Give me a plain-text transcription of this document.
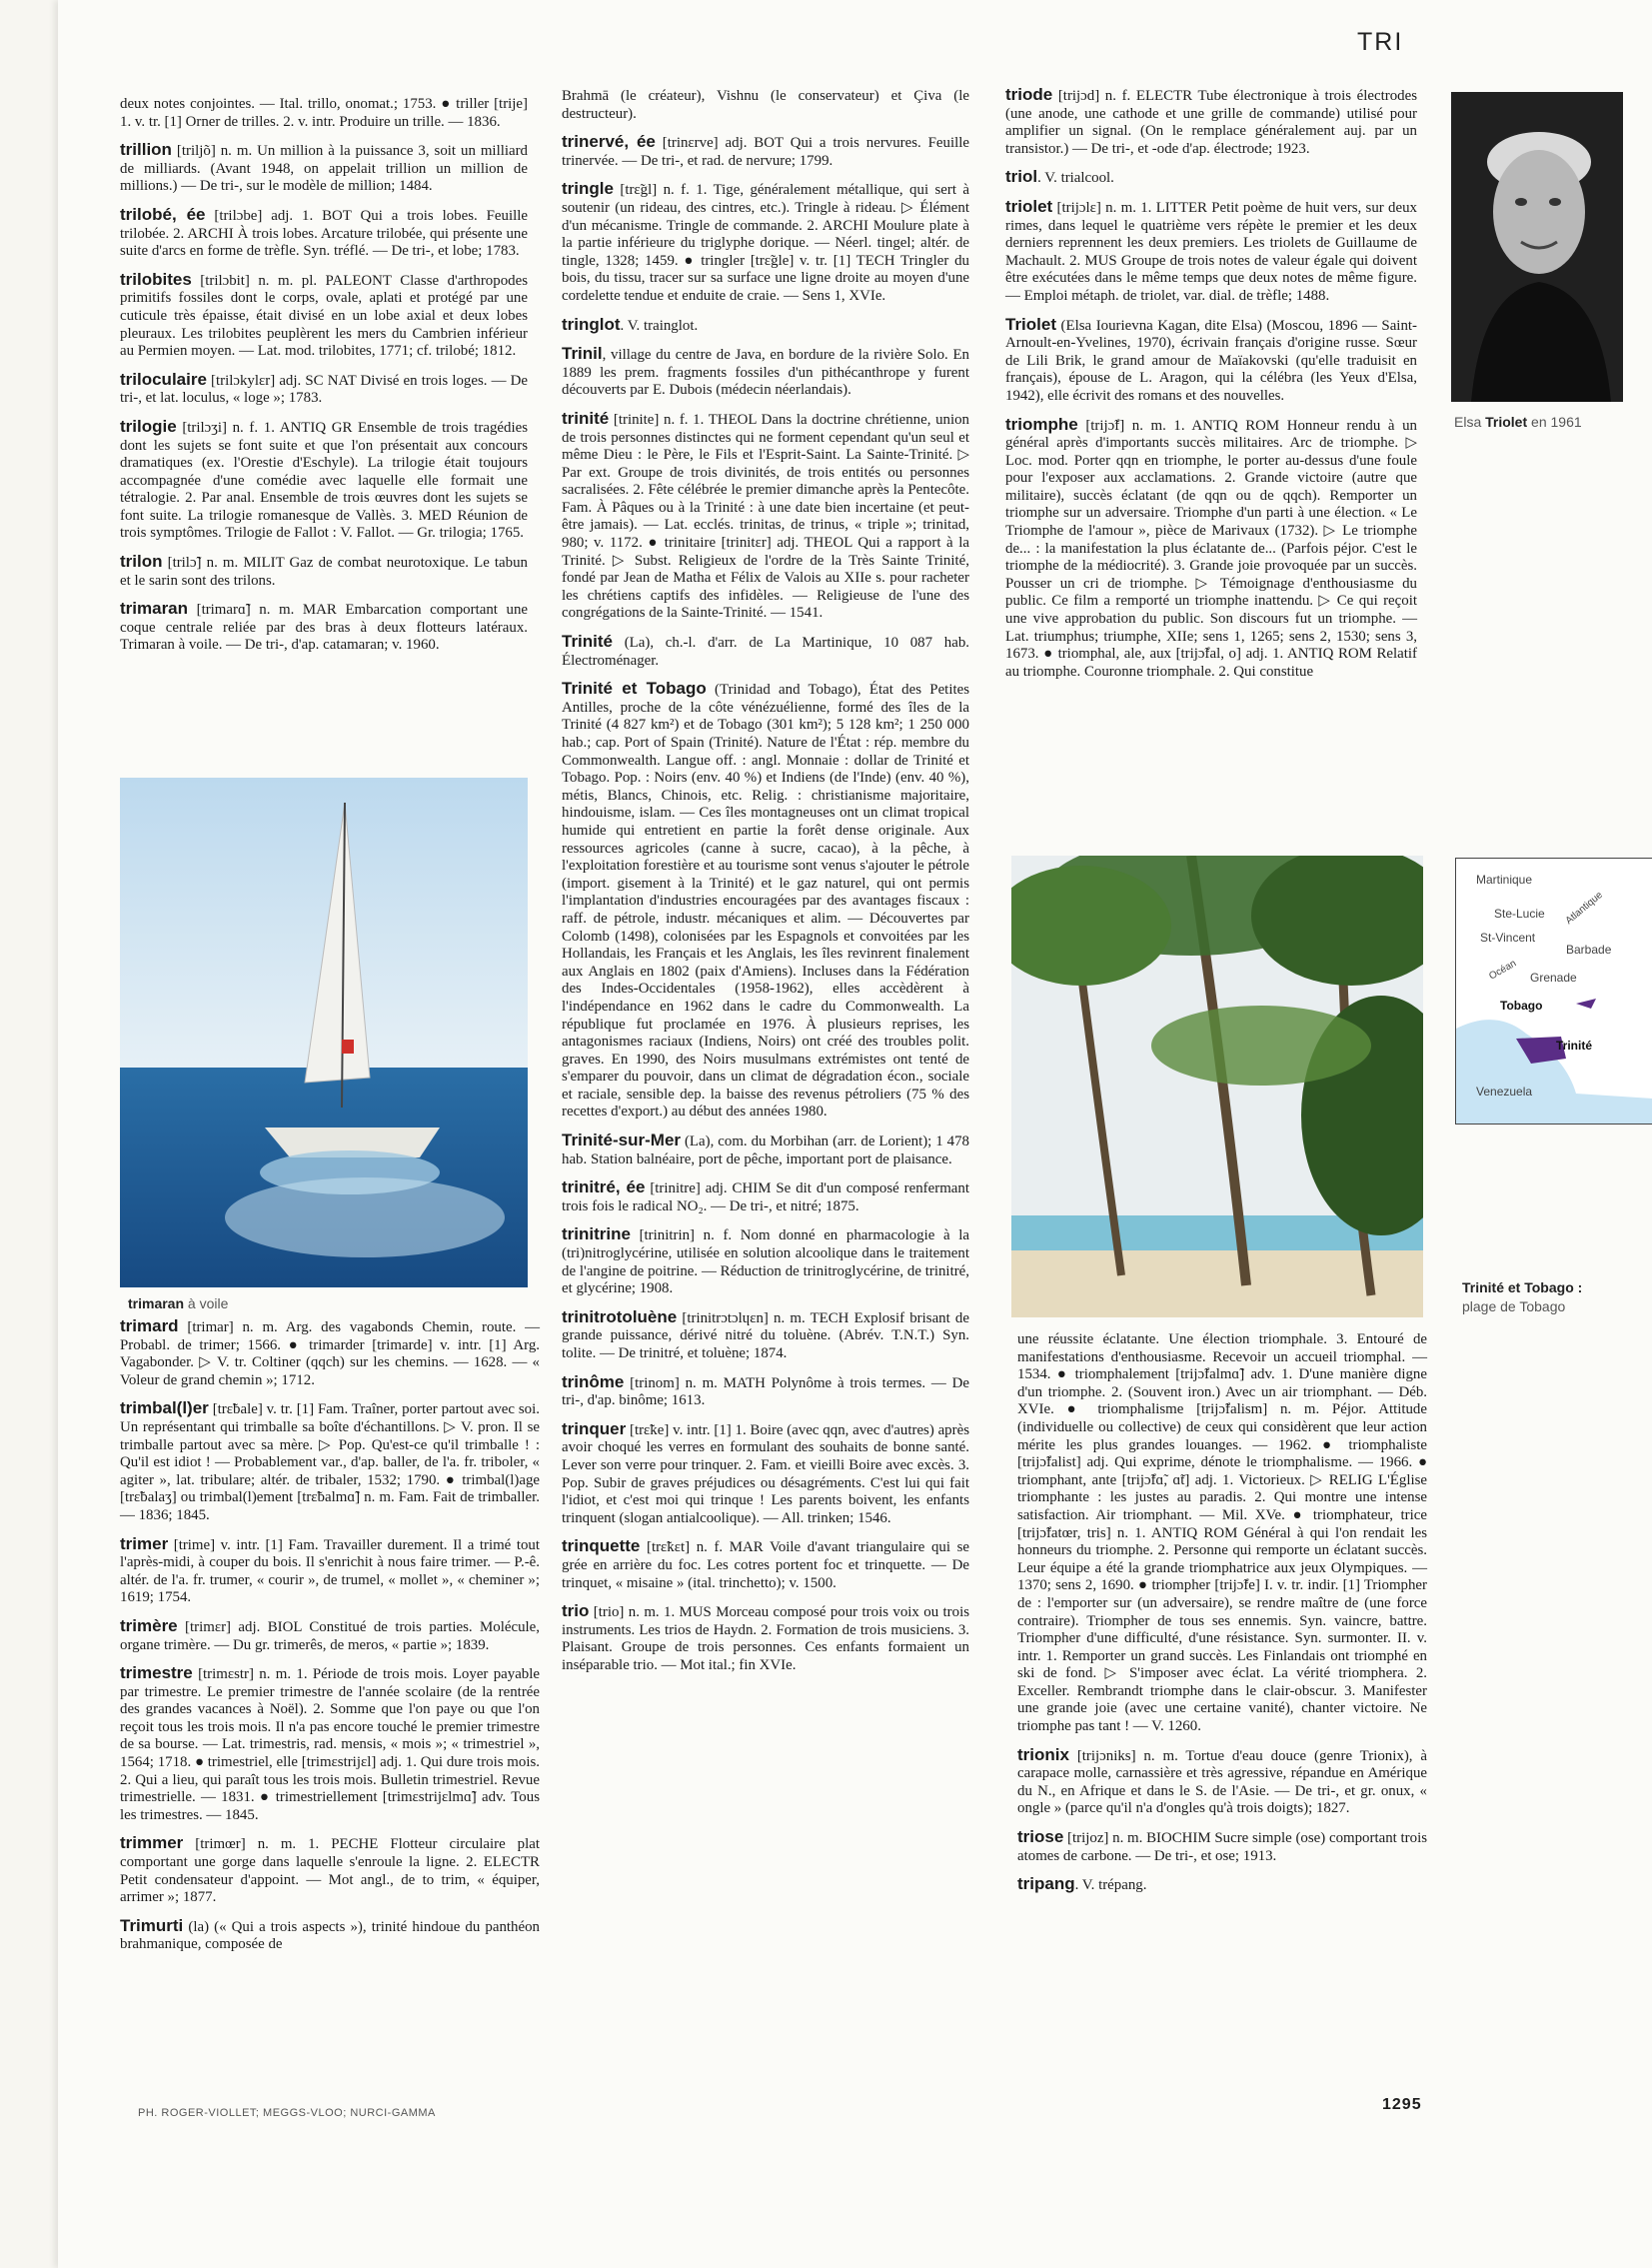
TRI

deux notes conjointes. — Ital. trillo, onomat.; 1753. ● triller [trije] 1. v. tr. [1] Orner de trilles. 2. v. intr. Produire un trille. — 1836.

trillion [trilјõ] n. m. Un million à la puissance 3, soit un milliard de milliards. (Avant 1948, on appelait trillion un million de millions.) — De tri-, sur le modèle de million; 1484.

trilobé, ée [trilɔbe] adj. 1. BOT Qui a trois lobes. Feuille trilobée. 2. ARCHI À trois lobes. Arcature trilobée, qui présente une suite d'arcs en forme de trèfle. Syn. tréflé. — De tri-, et lobe; 1783.

trilobites [trilɔbit] n. m. pl. PALEONT Classe d'arthropodes primitifs fossiles dont le corps, ovale, aplati et protégé par une cuticule très épaisse, était divisé en un lobe axial et deux lobes pleuraux. Les trilobites peuplèrent les mers du Cambrien inférieur au Permien moyen. — Lat. mod. trilobites, 1771; cf. trilobé; 1812.

triloculaire [trilɔkylɛr] adj. SC NAT Divisé en trois loges. — De tri-, et lat. loculus, « loge »; 1783.

trilogie [trilɔʒi] n. f. 1. ANTIQ GR Ensemble de trois tragédies dont les sujets se font suite et que l'on présentait aux concours dramatiques (ex. l'Orestie d'Eschyle). La trilogie était toujours accompagnée d'une comédie avec laquelle elle formait une tétralogie. 2. Par anal. Ensemble de trois œuvres dont les sujets se font suite. La trilogie romanesque de Vallès. 3. MED Réunion de trois symptômes. Trilogie de Fallot : V. Fallot. — Gr. trilogia; 1765.

trilon [trilɔ̃] n. m. MILIT Gaz de combat neurotoxique. Le tabun et le sarin sont des trilons.

trimaran [trimarɑ̃] n. m. MAR Embarcation comportant une coque centrale reliée par des bras à deux flotteurs latéraux. Trimaran à voile. — De tri-, d'ap. catamaran; v. 1960.

trimaran à voile

trimard [trimar] n. m. Arg. des vagabonds Chemin, route. — Probabl. de trimer; 1566. ● trimarder [trimarde] v. intr. [1] Arg. Vagabonder. ▷ V. tr. Coltiner (qqch) sur les chemins. — 1628. — « Voleur de grand chemin »; 1712.

trimbal(l)er [trɛ̃bale] v. tr. [1] Fam. Traîner, porter partout avec soi. Un représentant qui trimballe sa boîte d'échantillons. ▷ V. pron. Il se trimballe partout avec sa mère. ▷ Pop. Qu'est-ce qu'il trimballe ! : Qu'il est idiot ! — Probablement var., d'ap. baller, de l'a. fr. triboler, « agiter », lat. tribulare; altér. de tribaler, 1532; 1790. ● trimbal(l)age [trɛ̃balaʒ] ou trimbal(l)ement [trɛ̃balmɑ̃] n. m. Fam. Fait de trimballer. — 1836; 1845.

trimer [trime] v. intr. [1] Fam. Travailler durement. Il a trimé tout l'après-midi, à couper du bois. Il s'enrichit à nous faire trimer. — P.-ê. altér. de l'a. fr. trumer, « courir », de trumel, « mollet », « cheminer »; 1619; 1754.

trimère [trimɛr] adj. BIOL Constitué de trois parties. Molécule, organe trimère. — Du gr. trimerês, de meros, « partie »; 1839.

trimestre [trimɛstr] n. m. 1. Période de trois mois. Loyer payable par trimestre. Le premier trimestre de l'année scolaire (de la rentrée des grandes vacances à Noël). 2. Somme que l'on paye ou que l'on reçoit tous les trois mois. Il n'a pas encore touché le premier trimestre de sa bourse. — Lat. trimestris, rad. mensis, « mois »; « trimestriel », 1564; 1718. ● trimestriel, elle [trimɛstrijɛl] adj. 1. Qui dure trois mois. 2. Qui a lieu, qui paraît tous les trois mois. Bulletin trimestriel. Revue trimestrielle. — 1831. ● trimestriellement [trimɛstrijɛlmɑ̃] adv. Tous les trimestres. — 1845.

trimmer [trimœr] n. m. 1. PECHE Flotteur circulaire plat comportant une gorge dans laquelle s'enroule la ligne. 2. ELECTR Petit condensateur d'appoint. — Mot angl., de to trim, « équiper, arrimer »; 1877.

Trimurti (la) (« Qui a trois aspects »), trinité hindoue du panthéon brahmanique, composée de

Brahmā (le créateur), Vishnu (le conservateur) et Çiva (le destructeur).

trinervé, ée [trinɛrve] adj. BOT Qui a trois nervures. Feuille trinervée. — De tri-, et rad. de nervure; 1799.

tringle [trɛ̃gl] n. f. 1. Tige, généralement métallique, qui sert à soutenir (un rideau, des cintres, etc.). Tringle à rideau. ▷ Élément d'un mécanisme. Tringle de commande. 2. ARCHI Moulure plate à la partie inférieure du triglyphe dorique. — Néerl. tingel; altér. de tingle, 1328; 1459. ● tringler [trɛ̃gle] v. tr. [1] TECH Tringler du bois, du tissu, tracer sur sa surface une ligne droite au moyen d'une cordelette tendue et enduite de craie. — Sens 1, XVIe.

tringlot. V. trainglot.

Trinil, village du centre de Java, en bordure de la rivière Solo. En 1889 les prem. fragments fossiles d'un pithécanthrope y furent découverts par E. Dubois (médecin néerlandais).

trinité [trinite] n. f. 1. THEOL Dans la doctrine chrétienne, union de trois personnes distinctes qui ne forment cependant qu'un seul et même Dieu : le Père, le Fils et l'Esprit-Saint. La Sainte-Trinité. ▷ Par ext. Groupe de trois divinités, de trois entités ou personnes sacralisées. 2. Fête célébrée le premier dimanche après la Pentecôte. Fam. À Pâques ou à la Trinité : à une date bien incertaine (et peut-être jamais). — Lat. ecclés. trinitas, de trinus, « triple »; trinitad, 980; v. 1172. ● trinitaire [trinitɛr] adj. THEOL Qui a rapport à la Trinité. ▷ Subst. Religieux de l'ordre de la Très Sainte Trinité, fondé par Jean de Matha et Félix de Valois au XIIe s. pour racheter les chrétiens captifs des infidèles. — Religieuse de l'une des congrégations de la Sainte-Trinité. — 1541.

Trinité (La), ch.-l. d'arr. de La Martinique, 10 087 hab. Électroménager.

Trinité et Tobago (Trinidad and Tobago), État des Petites Antilles, proche de la côte vénézuélienne, formé des îles de la Trinité (4 827 km²) et de Tobago (301 km²); 5 128 km²; 1 250 000 hab.; cap. Port of Spain (Trinité). Nature de l'État : rép. membre du Commonwealth. Langue off. : angl. Monnaie : dollar de Trinité et Tobago. Pop. : Noirs (env. 40 %) et Indiens (de l'Inde) (env. 40 %), métis, Blancs, Chinois, etc. Relig. : christianisme majoritaire, hindouisme, islam. — Ces îles montagneuses ont un climat tropical humide qui entretient en partie la forêt dense originale. Aux ressources agricoles (canne à sucre, cacao), à la pêche, à l'exploitation forestière et au tourisme sont venus s'ajouter le pétrole (import. gisement à la Trinité) et le gaz naturel, qui ont permis l'implantation d'industries encouragées par des avantages fiscaux : raff. de pétrole, industr. mécaniques et alim. — Découvertes par Colomb (1498), colonisées par les Espagnols et convoitées par les Hollandais, les Français et les Anglais, les îles revinrent finalement aux Anglais en 1802 (paix d'Amiens). Incluses dans la Fédération des Indes-Occidentales (1958-1962), elles accèdèrent à l'indépendance en 1962 dans le cadre du Commonwealth. La république fut proclamée en 1976. À plusieurs reprises, les antagonismes raciaux (Indiens, Noirs) ont créé des troubles polit. graves. En 1990, des Noirs musulmans extrémistes ont tenté de s'emparer du pouvoir, dans un climat de dégradation écon., sociale et raciale, sensible dep. la baisse des revenus pétroliers (75 % des recettes d'export.) au début des années 1980.

Trinité-sur-Mer (La), com. du Morbihan (arr. de Lorient); 1 478 hab. Station balnéaire, port de pêche, important port de plaisance.

trinitré, ée [trinitre] adj. CHIM Se dit d'un composé renfermant trois fois le radical NO₂. — De tri-, et nitré; 1875.

trinitrine [trinitrin] n. f. Nom donné en pharmacologie à la (tri)nitroglycérine, utilisée en solution alcoolique dans le traitement de l'angine de poitrine. — Réduction de trinitroglycérine, de trinitré, et glycérine; 1908.

trinitrotoluène [trinitrɔtɔlɥɛn] n. m. TECH Explosif brisant de grande puissance, dérivé nitré du toluène. (Abrév. T.N.T.) Syn. tolite. — De trinitré, et toluène; 1874.

trinôme [trinom] n. m. MATH Polynôme à trois termes. — De tri-, d'ap. binôme; 1613.

trinquer [trɛ̃ke] v. intr. [1] 1. Boire (avec qqn, avec d'autres) après avoir choqué les verres en formulant des souhaits de bonne santé. Lever son verre pour trinquer. 2. Fam. et vieilli Boire avec excès. 3. Pop. Subir de graves préjudices ou désagréments. C'est lui qui fait l'idiot, et c'est moi qui trinque ! Les parents boivent, les enfants trinquent (slogan antialcoolique). — All. trinken; 1546.

trinquette [trɛ̃kɛt] n. f. MAR Voile d'avant triangulaire qui se grée en arrière du foc. Les cotres portent foc et trinquette. — De trinquet, « misaine » (ital. trinchetto); v. 1500.

trio [trio] n. m. 1. MUS Morceau composé pour trois voix ou trois instruments. Les trios de Haydn. 2. Formation de trois musiciens. 3. Plaisant. Groupe de trois personnes. Ces enfants formaient un inséparable trio. — Mot ital.; fin XVIe.

triode [trijɔd] n. f. ELECTR Tube électronique à trois électrodes (une anode, une cathode et une grille de commande) utilisé pour amplifier un signal. (On le remplace généralement auj. par un transistor.) — De tri-, et -ode d'ap. électrode; 1923.

triol. V. trialcool.

triolet [trijɔlɛ] n. m. 1. LITTER Petit poème de huit vers, sur deux rimes, dans lequel le quatrième vers répète le premier et les deux derniers reprennent les deux premiers. Les triolets de Guillaume de Machault. 2. MUS Groupe de trois notes de valeur égale qui doivent être exécutées dans le même temps que deux notes de même figure. — Emploi métaph. de triolet, var. dial. de trèfle; 1488.

Triolet (Elsa Iourievna Kagan, dite Elsa) (Moscou, 1896 — Saint-Arnoult-en-Yvelines, 1970), écrivain français d'origine russe. Sœur de Lili Brik, le grand amour de Maïakovski (qu'elle traduisit en français), épouse de L. Aragon, qui la célébra (les Yeux d'Elsa, 1942), elle écrivit des romans et des nouvelles.

triomphe [trijɔ̃f] n. m. 1. ANTIQ ROM Honneur rendu à un général après d'importants succès militaires. Arc de triomphe. ▷ Loc. mod. Porter qqn en triomphe, le porter au-dessus d'une foule pour l'exposer aux acclamations. 2. Grande victoire (autre que militaire), succès éclatant (de qqn ou de qqch). Remporter un triomphe sur un adversaire. Triomphe d'un parti à une élection. « Le Triomphe de l'amour », pièce de Marivaux (1732). ▷ Le triomphe de... : la manifestation la plus éclatante de... (Parfois péjor. C'est le triomphe de la médiocrité). 3. Grande joie provoquée par un succès. Pousser un cri de triomphe. ▷ Témoignage d'enthousiasme du public. Ce film a remporté un triomphe inattendu. ▷ Ce qui reçoit une vive approbation du public. Son discours fut un triomphe. — Lat. triumphus; triumphe, XIIe; sens 1, 1265; sens 2, 1530; sens 3, 1673. ● triomphal, ale, aux [trijɔ̃fal, o] adj. 1. ANTIQ ROM Relatif au triomphe. Couronne triomphale. 2. Qui constitue

Elsa Triolet en 1961
Martinique
Ste-Lucie Atlantique
St-Vincent
Barbade
Océan Grenade
Tobago
Trinité
Venezuela
Trinité et Tobago :
plage de Tobago

une réussite éclatante. Une élection triomphale. 3. Entouré de manifestations d'enthousiasme. Recevoir un accueil triomphal. — 1534. ● triomphalement [trijɔ̃falmɑ̃] adv. 1. D'une manière digne d'un triomphe. 2. (Souvent iron.) Avec un air triomphant. — Déb. XVIe. ● triomphalisme [trijɔ̃falism] n. m. Péjor. Attitude (individuelle ou collective) de ceux qui considèrent que leur action mérite les plus grandes louanges. — 1962. ● triomphaliste [trijɔ̃falist] adj. Qui exprime, dénote le triomphalisme. — 1966. ● triomphant, ante [trijɔ̃fɑ̃, ɑ̃t] adj. 1. Victorieux. ▷ RELIG L'Église triomphante : les justes au paradis. 2. Qui montre une intense satisfaction. Air triomphant. — Mil. XVe. ● triomphateur, trice [trijɔ̃fatœr, tris] n. 1. ANTIQ ROM Général à qui l'on rendait les honneurs du triomphe. 2. Personne qui remporte un éclatant succès. Leur équipe a été la grande triomphatrice aux jeux Olympiques. — 1370; sens 2, 1690. ● triompher [trijɔ̃fe] I. v. tr. indir. [1] Triompher de : l'emporter sur (un adversaire), se rendre maître de (une force contraire). Triompher de tous ses ennemis. Syn. vaincre, battre. Triompher d'une difficulté, d'une résistance. Syn. surmonter. II. v. intr. 1. Remporter un grand succès. Les Finlandais ont triomphé en ski de fond. ▷ S'imposer avec éclat. La vérité triomphera. 2. Exceller. Rembrandt triomphe dans le clair-obscur. 3. Manifester une grande joie (avec une certaine vanité), chanter victoire. Ne triomphe pas tant ! — V. 1260.

trionix [trijɔniks] n. m. Tortue d'eau douce (genre Trionix), à carapace molle, carnassière et très agressive, répandue en Amérique du N., en Afrique et dans le S. de l'Asie. — De tri-, et gr. onux, « ongle » (parce qu'il n'a d'ongles qu'à trois doigts); 1827.

triose [trijoz] n. m. BIOCHIM Sucre simple (ose) comportant trois atomes de carbone. — De tri-, et ose; 1913.

tripang. V. trépang.

PH. ROGER-VIOLLET; MEGGS-VLOO; NURCI-GAMMA	1295
